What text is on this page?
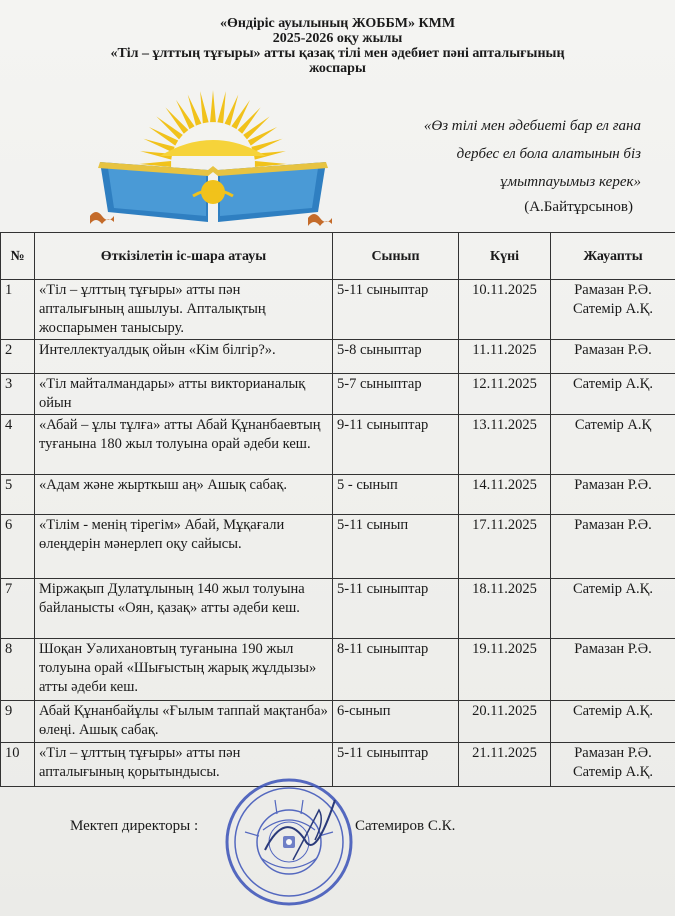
«Өндіріс ауылының ЖОББМ» КММ
2025-2026 оқу жылы
«Тіл – ұлттың тұғыры» атты қазақ тілі мен әдебиет пәні апталығының
жоспары
«Өз тілі мен әдебиеті бар ел ғана
дербес ел бола алатынын біз
ұмытпауымыз керек»
(А.Байтұрсынов)
№	Өткізілетін іс-шара атауы	Сынып	Күні	Жауапты
1	«Тіл – ұлттың тұғыры» атты пән апталығының ашылуы. Апталықтың жоспарымен танысыру.	5-11 сыныптар	10.11.2025	Рамазан Р.Ә. Сатемір А.Қ.
2	Интеллектуалдық ойын «Кім білгір?».	5-8 сыныптар	11.11.2025	Рамазан Р.Ә.
3	«Тіл майталмандары» атты викторианалық ойын	5-7 сыныптар	12.11.2025	Сатемір А.Қ.
4	«Абай – ұлы тұлға» атты Абай Құнанбаевтың туғанына 180 жыл толуына орай әдеби кеш.	9-11 сыныптар	13.11.2025	Сатемір А.Қ
5	«Адам және жырткыш аң» Ашық сабақ.	5 - сынып	14.11.2025	Рамазан Р.Ә.
6	«Тілім - менің тірегім» Абай, Мұқағали өлеңдерін мәнерлеп оқу сайысы.	5-11 сынып	17.11.2025	Рамазан Р.Ә.
7	Міржақып Дулатұлының 140 жыл толуына байланысты «Оян, қазақ» атты әдеби кеш.	5-11 сыныптар	18.11.2025	Сатемір А.Қ.
8	Шоқан Уәлихановтың туғанына 190 жыл толуына орай «Шығыстың жарық жұлдызы» атты әдеби кеш.	8-11 сыныптар	19.11.2025	Рамазан Р.Ә.
9	Абай Құнанбайұлы «Ғылым таппай мақтанба» өлеңі. Ашық сабақ.	6-сынып	20.11.2025	Сатемір А.Қ.
10	«Тіл – ұлттың тұғыры» атты пән апталығының қорытындысы.	5-11 сыныптар	21.11.2025	Рамазан Р.Ә. Сатемір А.Қ.
Мектеп директоры :	Сатемиров С.К.
